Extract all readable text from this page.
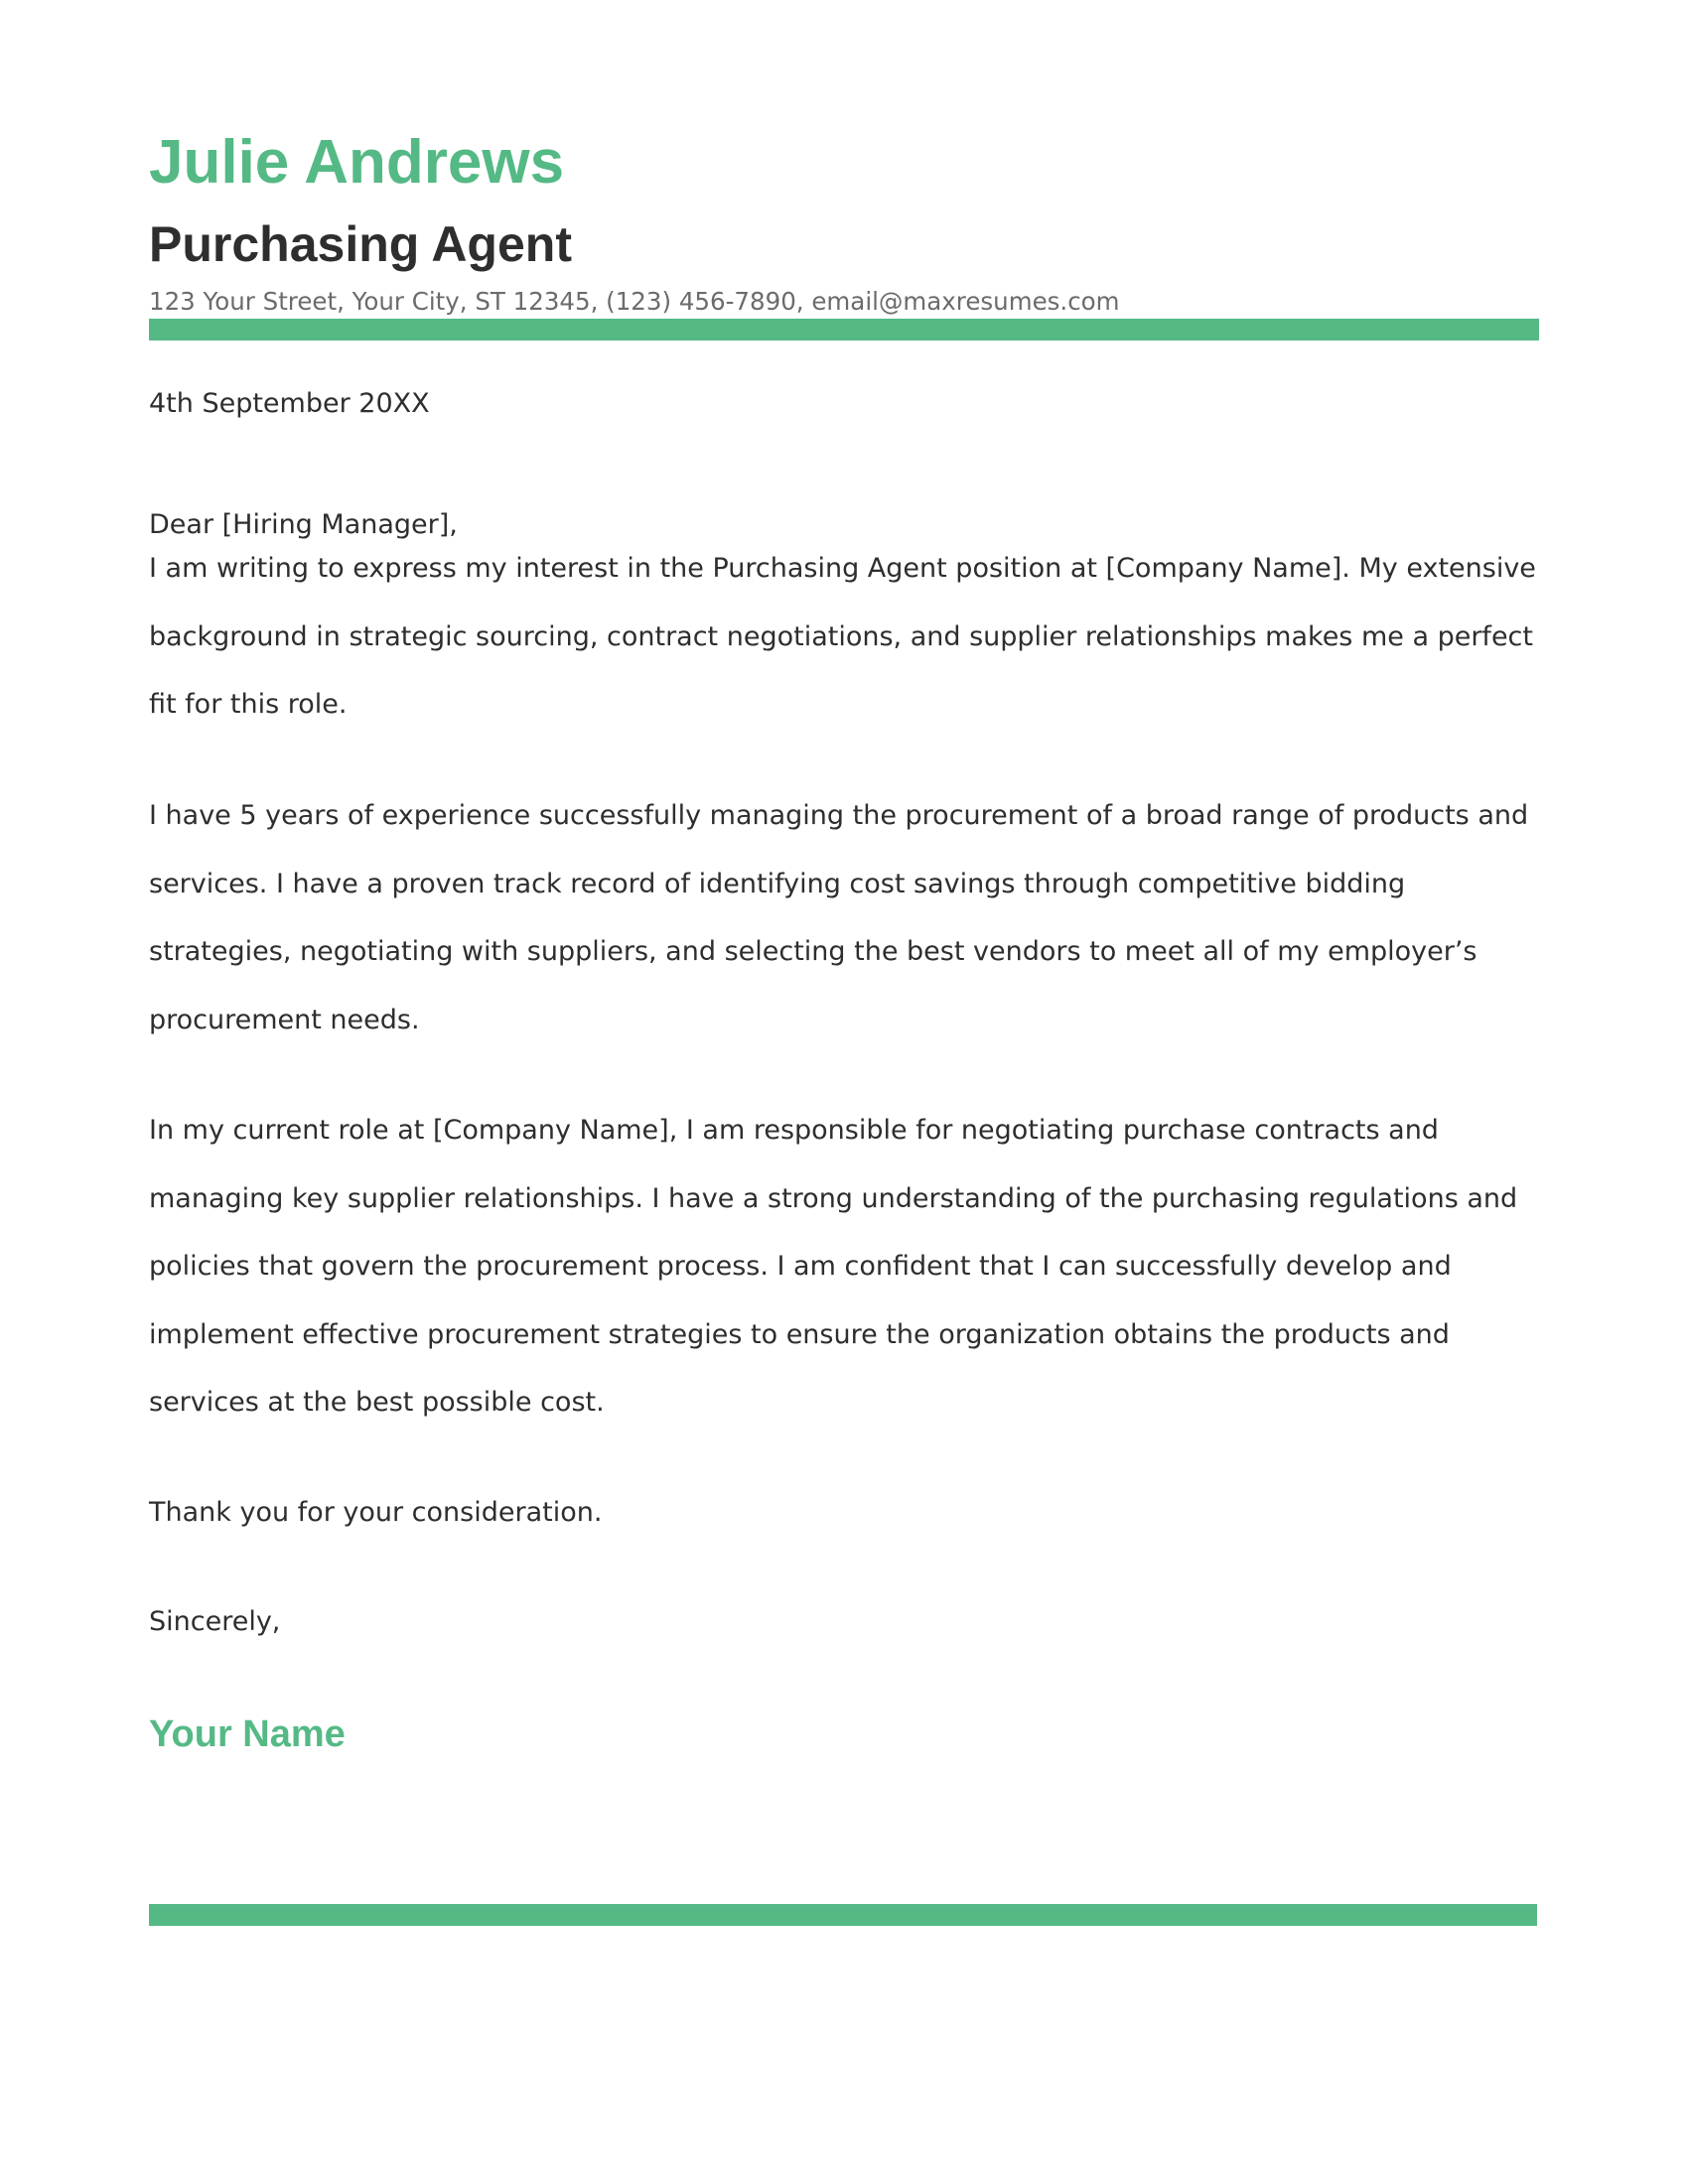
Julie Andrews
Purchasing Agent
123 Your Street, Your City, ST 12345, (123) 456-7890, email@maxresumes.com
4th September 20XX
Dear [Hiring Manager],

I am writing to express my interest in the Purchasing Agent position at [Company Name]. My extensive background in strategic sourcing, contract negotiations, and supplier relationships makes me a perfect fit for this role.

I have 5 years of experience successfully managing the procurement of a broad range of products and services. I have a proven track record of identifying cost savings through competitive bidding strategies, negotiating with suppliers, and selecting the best vendors to meet all of my employer’s procurement needs.

In my current role at [Company Name], I am responsible for negotiating purchase contracts and managing key supplier relationships. I have a strong understanding of the purchasing regulations and policies that govern the procurement process. I am confident that I can successfully develop and implement effective procurement strategies to ensure the organization obtains the products and services at the best possible cost.

Thank you for your consideration.
Sincerely,
Your Name
